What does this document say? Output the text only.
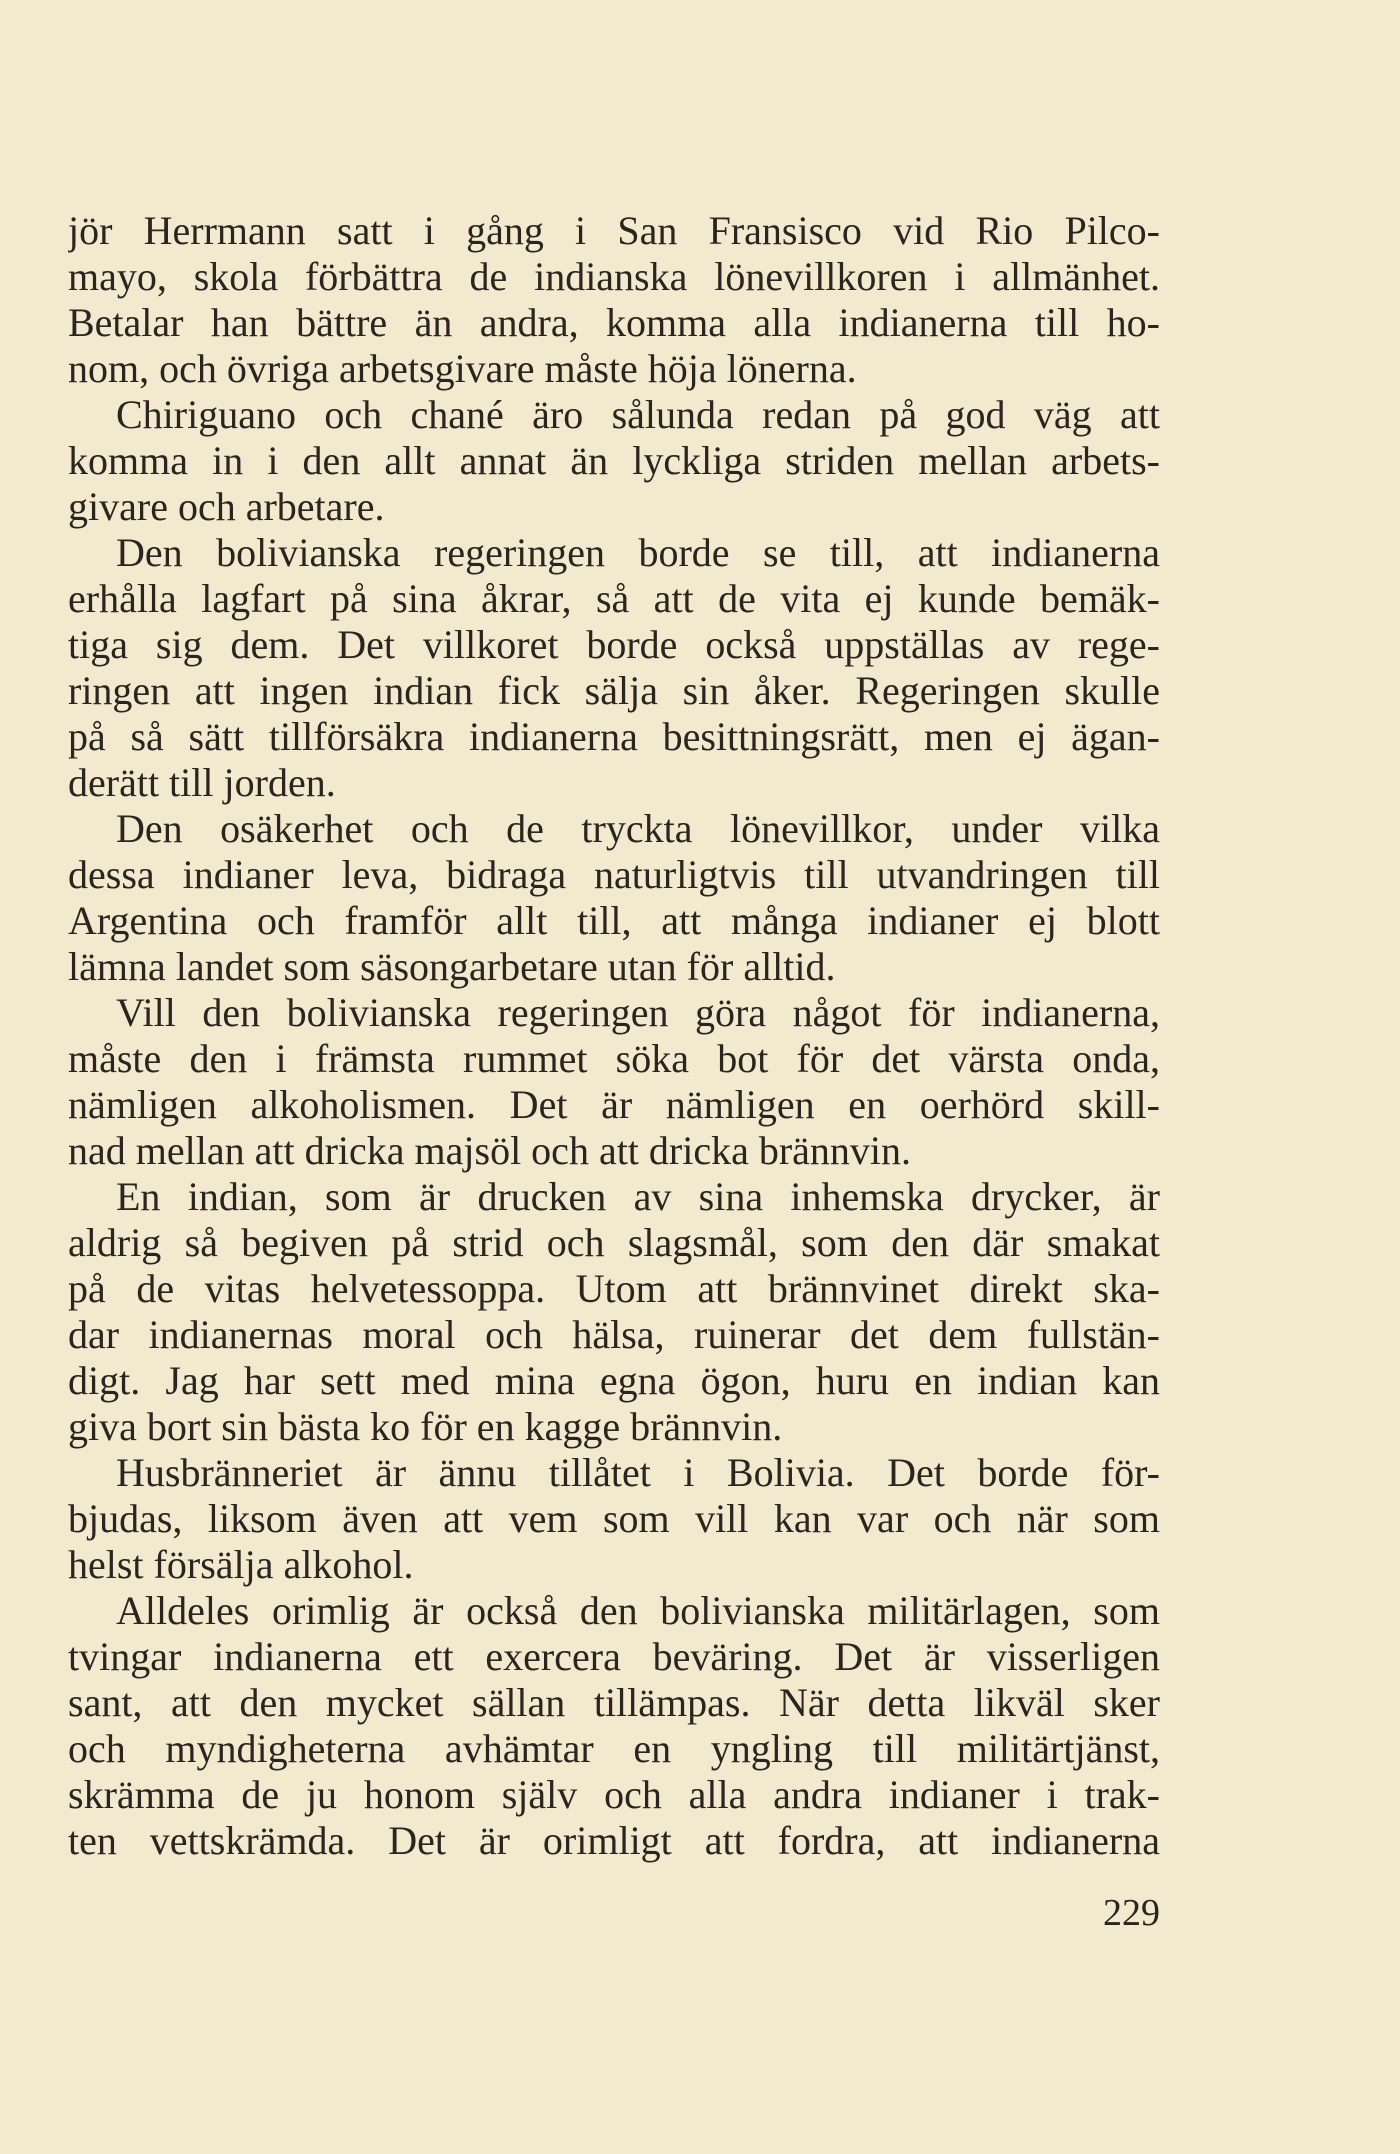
jör Herrmann satt i gång i San Fransisco vid Rio Pilco-
mayo, skola förbättra de indianska lönevillkoren i allmänhet.
Betalar han bättre än andra, komma alla indianerna till ho-
nom, och övriga arbetsgivare måste höja lönerna.
Chiriguano och chané äro sålunda redan på god väg att
komma in i den allt annat än lyckliga striden mellan arbets-
givare och arbetare.
Den bolivianska regeringen borde se till, att indianerna
erhålla lagfart på sina åkrar, så att de vita ej kunde bemäk-
tiga sig dem. Det villkoret borde också uppställas av rege-
ringen att ingen indian fick sälja sin åker. Regeringen skulle
på så sätt tillförsäkra indianerna besittningsrätt, men ej ägan-
derätt till jorden.
Den osäkerhet och de tryckta lönevillkor, under vilka
dessa indianer leva, bidraga naturligtvis till utvandringen till
Argentina och framför allt till, att många indianer ej blott
lämna landet som säsongarbetare utan för alltid.
Vill den bolivianska regeringen göra något för indianerna,
måste den i främsta rummet söka bot för det värsta onda,
nämligen alkoholismen. Det är nämligen en oerhörd skill-
nad mellan att dricka majsöl och att dricka brännvin.
En indian, som är drucken av sina inhemska drycker, är
aldrig så begiven på strid och slagsmål, som den där smakat
på de vitas helvetessoppa. Utom att brännvinet direkt ska-
dar indianernas moral och hälsa, ruinerar det dem fullstän-
digt. Jag har sett med mina egna ögon, huru en indian kan
giva bort sin bästa ko för en kagge brännvin.
Husbränneriet är ännu tillåtet i Bolivia. Det borde för-
bjudas, liksom även att vem som vill kan var och när som
helst försälja alkohol.
Alldeles orimlig är också den bolivianska militärlagen, som
tvingar indianerna ett exercera beväring. Det är visserligen
sant, att den mycket sällan tillämpas. När detta likväl sker
och myndigheterna avhämtar en yngling till militärtjänst,
skrämma de ju honom själv och alla andra indianer i trak-
ten vettskrämda. Det är orimligt att fordra, att indianerna
229
